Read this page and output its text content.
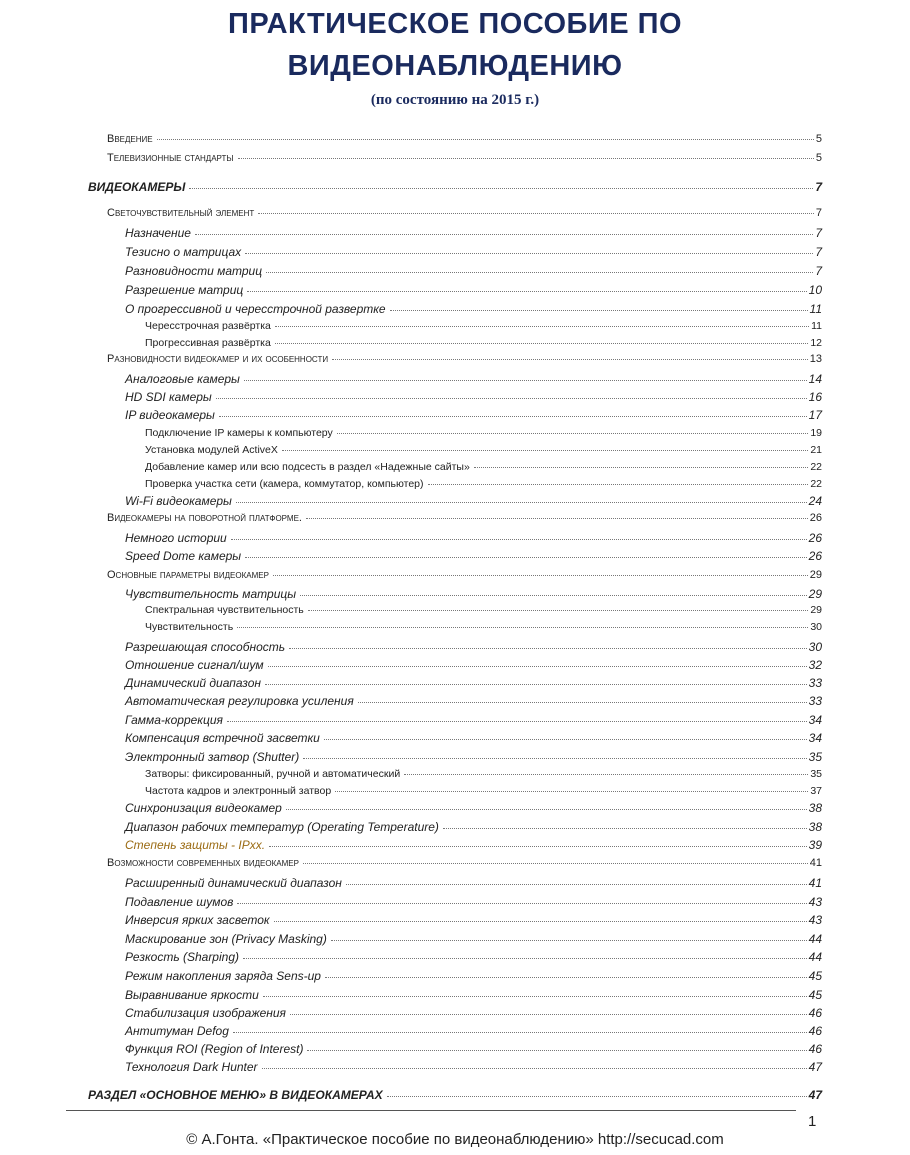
ПРАКТИЧЕСКОЕ ПОСОБИЕ ПО
ВИДЕОНАБЛЮДЕНИЮ
(по состоянию на 2015 г.)
Введение	5
Телевизионные стандарты	5
ВИДЕОКАМЕРЫ	7
Светочувствительный элемент	7
Назначение	7
Тезисно о матрицах	7
Разновидности матриц	7
Разрешение матриц	10
О прогрессивной и чересстрочной развертке	11
Чересстрочная развёртка	11
Прогрессивная развёртка	12
Разновидности видеокамер и их особенности	13
Аналоговые камеры	14
HD SDI камеры	16
IP видеокамеры	17
Подключение IP камеры к компьютеру	19
Установка модулей ActiveX	21
Добавление камер или всю подсесть в раздел «Надежные сайты»	22
Проверка участка сети (камера, коммутатор, компьютер)	22
Wi-Fi видеокамеры	24
Видеокамеры на поворотной платформе.	26
Немного истории	26
Speed Dome камеры	26
Основные параметры видеокамер	29
Чувствительность матрицы	29
Спектральная чувствительность	29
Чувствительность	30
Разрешающая способность	30
Отношение сигнал/шум	32
Динамический диапазон	33
Автоматическая регулировка усиления	33
Гамма-коррекция	34
Компенсация встречной засветки	34
Электронный затвор (Shutter)	35
Затворы: фиксированный, ручной и автоматический	35
Частота кадров и электронный затвор	37
Синхронизация видеокамер	38
Диапазон рабочих температур (Operating Temperature)	38
Степень защиты - IPxx.	39
Возможности современных видеокамер	41
Расширенный динамический диапазон	41
Подавление шумов	43
Инверсия ярких засветок	43
Маскирование зон (Privacy Masking)	44
Резкость (Sharping)	44
Режим накопления заряда Sens-up	45
Выравнивание яркости	45
Стабилизация изображения	46
Антитуман Defog	46
Функция ROI (Region of Interest)	46
Технология Dark Hunter	47
РАЗДЕЛ «ОСНОВНОЕ МЕНЮ» В ВИДЕОКАМЕРАХ	47
1
© А.Гонта. «Практическое пособие по видеонаблюдению» http://secucad.com
